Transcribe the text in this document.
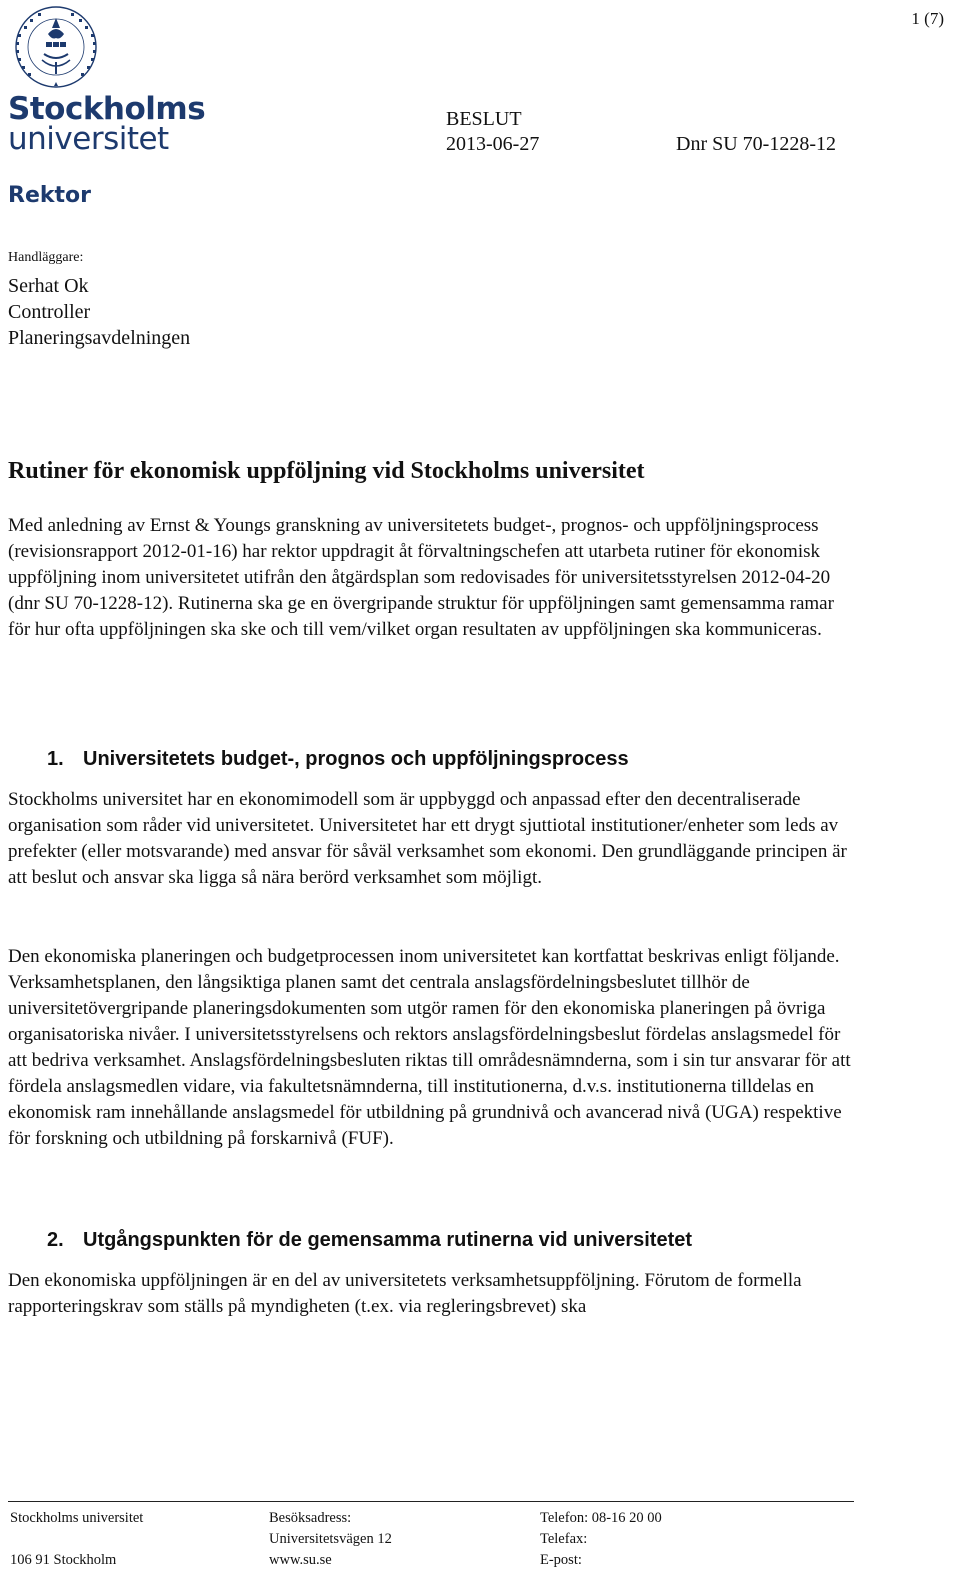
1 (7)
Stockholms
universitet
Rektor
BESLUT
2013-06-27	Dnr SU 70-1228-12
Handläggare:
Serhat Ok
Controller
Planeringsavdelningen
Rutiner för ekonomisk uppföljning vid Stockholms universitet

Med anledning av Ernst & Youngs granskning av universitetets budget-, prognos- och uppföljningsprocess (revisionsrapport 2012-01-16) har rektor uppdragit åt förvaltningschefen att utarbeta rutiner för ekonomisk uppföljning inom universitetet utifrån den åtgärdsplan som redovisades för universitetsstyrelsen 2012-04-20 (dnr SU 70-1228-12). Rutinerna ska ge en övergripande struktur för uppföljningen samt gemensamma ramar för hur ofta uppföljningen ska ske och till vem/vilket organ resultaten av uppföljningen ska kommuniceras.

1. Universitetets budget-, prognos och uppföljningsprocess

Stockholms universitet har en ekonomimodell som är uppbyggd och anpassad efter den decentraliserade organisation som råder vid universitetet. Universitetet har ett drygt sjuttiotal institutioner/enheter som leds av prefekter (eller motsvarande) med ansvar för såväl verksamhet som ekonomi. Den grundläggande principen är att beslut och ansvar ska ligga så nära berörd verksamhet som möjligt.

Den ekonomiska planeringen och budgetprocessen inom universitetet kan kortfattat beskrivas enligt följande. Verksamhetsplanen, den långsiktiga planen samt det centrala anslagsfördelningsbeslutet tillhör de universitetövergripande planeringsdokumenten som utgör ramen för den ekonomiska planeringen på övriga organisatoriska nivåer. I universitetsstyrelsens och rektors anslagsfördelningsbeslut fördelas anslagsmedel för att bedriva verksamhet. Anslagsfördelningsbesluten riktas till områdesnämnderna, som i sin tur ansvarar för att fördela anslagsmedlen vidare, via fakultetsnämnderna, till institutionerna, d.v.s. institutionerna tilldelas en ekonomisk ram innehållande anslagsmedel för utbildning på grundnivå och avancerad nivå (UGA) respektive för forskning och utbildning på forskarnivå (FUF).

2. Utgångspunkten för de gemensamma rutinerna vid universitetet

Den ekonomiska uppföljningen är en del av universitetets verksamhetsuppföljning. Förutom de formella rapporteringskrav som ställs på myndigheten (t.ex. via regleringsbrevet) ska

Stockholms universitet

106 91 Stockholm
Besöksadress:
Universitetsvägen 12
www.su.se
Telefon: 08-16 20 00
Telefax:
E-post:
